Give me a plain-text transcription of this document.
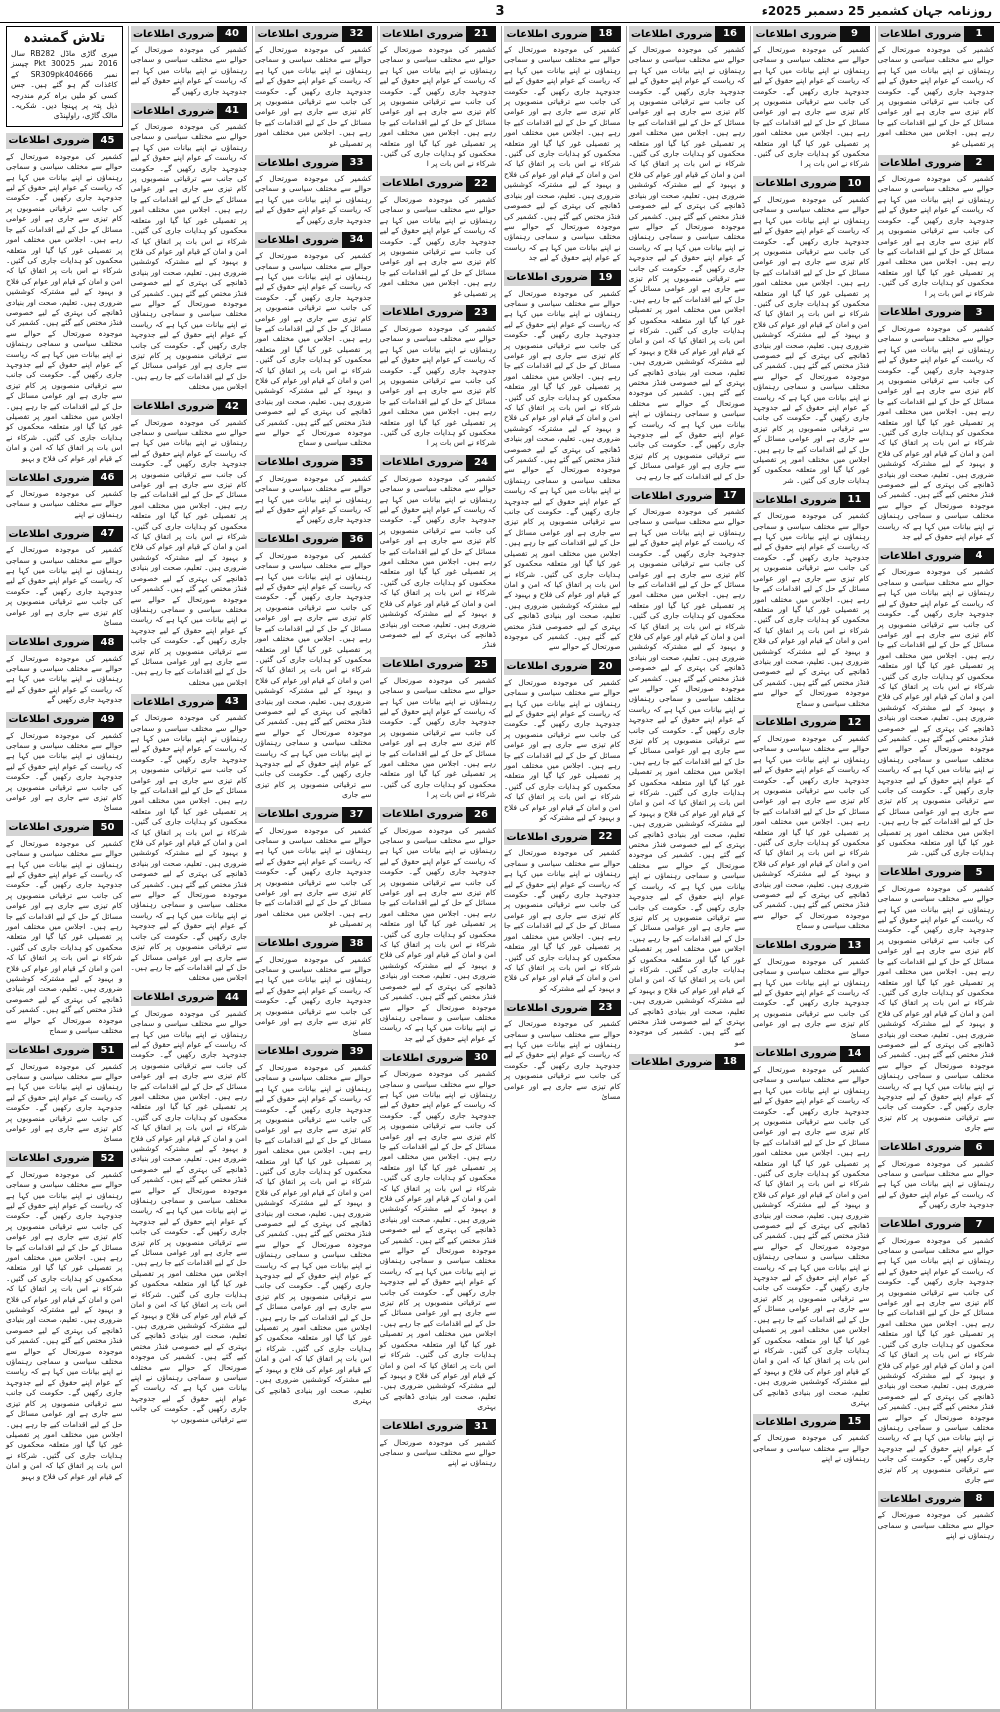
روزنامہ جہان کشمیر 25 دسمبر 2025ء
3
1
ضروری اطلاعات
کشمیر کی موجودہ صورتحال کے حوالے سے مختلف سیاسی و سماجی رہنماؤں نے اپنے بیانات میں کہا ہے کہ ریاست کے عوام اپنے حقوق کے لیے جدوجہد جاری رکھیں گے۔ حکومت کی جانب سے ترقیاتی منصوبوں پر کام تیزی سے جاری ہے اور عوامی مسائل کے حل کے لیے اقدامات کیے جا رہے ہیں۔ اجلاس میں مختلف امور پر تفصیلی غو
2
ضروری اطلاعات
کشمیر کی موجودہ صورتحال کے حوالے سے مختلف سیاسی و سماجی رہنماؤں نے اپنے بیانات میں کہا ہے کہ ریاست کے عوام اپنے حقوق کے لیے جدوجہد جاری رکھیں گے۔ حکومت کی جانب سے ترقیاتی منصوبوں پر کام تیزی سے جاری ہے اور عوامی مسائل کے حل کے لیے اقدامات کیے جا رہے ہیں۔ اجلاس میں مختلف امور پر تفصیلی غور کیا گیا اور متعلقہ محکموں کو ہدایات جاری کی گئیں۔ شرکاء نے اس بات پر ا
3
ضروری اطلاعات
کشمیر کی موجودہ صورتحال کے حوالے سے مختلف سیاسی و سماجی رہنماؤں نے اپنے بیانات میں کہا ہے کہ ریاست کے عوام اپنے حقوق کے لیے جدوجہد جاری رکھیں گے۔ حکومت کی جانب سے ترقیاتی منصوبوں پر کام تیزی سے جاری ہے اور عوامی مسائل کے حل کے لیے اقدامات کیے جا رہے ہیں۔ اجلاس میں مختلف امور پر تفصیلی غور کیا گیا اور متعلقہ محکموں کو ہدایات جاری کی گئیں۔ شرکاء نے اس بات پر اتفاق کیا کہ امن و امان کے قیام اور عوام کی فلاح و بہبود کے لیے مشترکہ کوششیں ضروری ہیں۔ تعلیم، صحت اور بنیادی ڈھانچے کی بہتری کے لیے خصوصی فنڈز مختص کیے گئے ہیں۔ کشمیر کی موجودہ صورتحال کے حوالے سے مختلف سیاسی و سماجی رہنماؤں نے اپنے بیانات میں کہا ہے کہ ریاست کے عوام اپنے حقوق کے لیے جد
4
ضروری اطلاعات
کشمیر کی موجودہ صورتحال کے حوالے سے مختلف سیاسی و سماجی رہنماؤں نے اپنے بیانات میں کہا ہے کہ ریاست کے عوام اپنے حقوق کے لیے جدوجہد جاری رکھیں گے۔ حکومت کی جانب سے ترقیاتی منصوبوں پر کام تیزی سے جاری ہے اور عوامی مسائل کے حل کے لیے اقدامات کیے جا رہے ہیں۔ اجلاس میں مختلف امور پر تفصیلی غور کیا گیا اور متعلقہ محکموں کو ہدایات جاری کی گئیں۔ شرکاء نے اس بات پر اتفاق کیا کہ امن و امان کے قیام اور عوام کی فلاح و بہبود کے لیے مشترکہ کوششیں ضروری ہیں۔ تعلیم، صحت اور بنیادی ڈھانچے کی بہتری کے لیے خصوصی فنڈز مختص کیے گئے ہیں۔ کشمیر کی موجودہ صورتحال کے حوالے سے مختلف سیاسی و سماجی رہنماؤں نے اپنے بیانات میں کہا ہے کہ ریاست کے عوام اپنے حقوق کے لیے جدوجہد جاری رکھیں گے۔ حکومت کی جانب سے ترقیاتی منصوبوں پر کام تیزی سے جاری ہے اور عوامی مسائل کے حل کے لیے اقدامات کیے جا رہے ہیں۔ اجلاس میں مختلف امور پر تفصیلی غور کیا گیا اور متعلقہ محکموں کو ہدایات جاری کی گئیں۔ شر
5
ضروری اطلاعات
کشمیر کی موجودہ صورتحال کے حوالے سے مختلف سیاسی و سماجی رہنماؤں نے اپنے بیانات میں کہا ہے کہ ریاست کے عوام اپنے حقوق کے لیے جدوجہد جاری رکھیں گے۔ حکومت کی جانب سے ترقیاتی منصوبوں پر کام تیزی سے جاری ہے اور عوامی مسائل کے حل کے لیے اقدامات کیے جا رہے ہیں۔ اجلاس میں مختلف امور پر تفصیلی غور کیا گیا اور متعلقہ محکموں کو ہدایات جاری کی گئیں۔ شرکاء نے اس بات پر اتفاق کیا کہ امن و امان کے قیام اور عوام کی فلاح و بہبود کے لیے مشترکہ کوششیں ضروری ہیں۔ تعلیم، صحت اور بنیادی ڈھانچے کی بہتری کے لیے خصوصی فنڈز مختص کیے گئے ہیں۔ کشمیر کی موجودہ صورتحال کے حوالے سے مختلف سیاسی و سماجی رہنماؤں نے اپنے بیانات میں کہا ہے کہ ریاست کے عوام اپنے حقوق کے لیے جدوجہد جاری رکھیں گے۔ حکومت کی جانب سے ترقیاتی منصوبوں پر کام تیزی سے جاری
6
ضروری اطلاعات
کشمیر کی موجودہ صورتحال کے حوالے سے مختلف سیاسی و سماجی رہنماؤں نے اپنے بیانات میں کہا ہے کہ ریاست کے عوام اپنے حقوق کے لیے جدوجہد جاری رکھیں گے
7
ضروری اطلاعات
کشمیر کی موجودہ صورتحال کے حوالے سے مختلف سیاسی و سماجی رہنماؤں نے اپنے بیانات میں کہا ہے کہ ریاست کے عوام اپنے حقوق کے لیے جدوجہد جاری رکھیں گے۔ حکومت کی جانب سے ترقیاتی منصوبوں پر کام تیزی سے جاری ہے اور عوامی مسائل کے حل کے لیے اقدامات کیے جا رہے ہیں۔ اجلاس میں مختلف امور پر تفصیلی غور کیا گیا اور متعلقہ محکموں کو ہدایات جاری کی گئیں۔ شرکاء نے اس بات پر اتفاق کیا کہ امن و امان کے قیام اور عوام کی فلاح و بہبود کے لیے مشترکہ کوششیں ضروری ہیں۔ تعلیم، صحت اور بنیادی ڈھانچے کی بہتری کے لیے خصوصی فنڈز مختص کیے گئے ہیں۔ کشمیر کی موجودہ صورتحال کے حوالے سے مختلف سیاسی و سماجی رہنماؤں نے اپنے بیانات میں کہا ہے کہ ریاست کے عوام اپنے حقوق کے لیے جدوجہد جاری رکھیں گے۔ حکومت کی جانب سے ترقیاتی منصوبوں پر کام تیزی سے جاری
8
ضروری اطلاعات
کشمیر کی موجودہ صورتحال کے حوالے سے مختلف سیاسی و سماجی رہنماؤں نے اپنے
9
ضروری اطلاعات
کشمیر کی موجودہ صورتحال کے حوالے سے مختلف سیاسی و سماجی رہنماؤں نے اپنے بیانات میں کہا ہے کہ ریاست کے عوام اپنے حقوق کے لیے جدوجہد جاری رکھیں گے۔ حکومت کی جانب سے ترقیاتی منصوبوں پر کام تیزی سے جاری ہے اور عوامی مسائل کے حل کے لیے اقدامات کیے جا رہے ہیں۔ اجلاس میں مختلف امور پر تفصیلی غور کیا گیا اور متعلقہ محکموں کو ہدایات جاری کی گئیں۔ شرکاء نے اس بات پر ا
10
ضروری اطلاعات
کشمیر کی موجودہ صورتحال کے حوالے سے مختلف سیاسی و سماجی رہنماؤں نے اپنے بیانات میں کہا ہے کہ ریاست کے عوام اپنے حقوق کے لیے جدوجہد جاری رکھیں گے۔ حکومت کی جانب سے ترقیاتی منصوبوں پر کام تیزی سے جاری ہے اور عوامی مسائل کے حل کے لیے اقدامات کیے جا رہے ہیں۔ اجلاس میں مختلف امور پر تفصیلی غور کیا گیا اور متعلقہ محکموں کو ہدایات جاری کی گئیں۔ شرکاء نے اس بات پر اتفاق کیا کہ امن و امان کے قیام اور عوام کی فلاح و بہبود کے لیے مشترکہ کوششیں ضروری ہیں۔ تعلیم، صحت اور بنیادی ڈھانچے کی بہتری کے لیے خصوصی فنڈز مختص کیے گئے ہیں۔ کشمیر کی موجودہ صورتحال کے حوالے سے مختلف سیاسی و سماجی رہنماؤں نے اپنے بیانات میں کہا ہے کہ ریاست کے عوام اپنے حقوق کے لیے جدوجہد جاری رکھیں گے۔ حکومت کی جانب سے ترقیاتی منصوبوں پر کام تیزی سے جاری ہے اور عوامی مسائل کے حل کے لیے اقدامات کیے جا رہے ہیں۔ اجلاس میں مختلف امور پر تفصیلی غور کیا گیا اور متعلقہ محکموں کو ہدایات جاری کی گئیں۔ شر
11
ضروری اطلاعات
کشمیر کی موجودہ صورتحال کے حوالے سے مختلف سیاسی و سماجی رہنماؤں نے اپنے بیانات میں کہا ہے کہ ریاست کے عوام اپنے حقوق کے لیے جدوجہد جاری رکھیں گے۔ حکومت کی جانب سے ترقیاتی منصوبوں پر کام تیزی سے جاری ہے اور عوامی مسائل کے حل کے لیے اقدامات کیے جا رہے ہیں۔ اجلاس میں مختلف امور پر تفصیلی غور کیا گیا اور متعلقہ محکموں کو ہدایات جاری کی گئیں۔ شرکاء نے اس بات پر اتفاق کیا کہ امن و امان کے قیام اور عوام کی فلاح و بہبود کے لیے مشترکہ کوششیں ضروری ہیں۔ تعلیم، صحت اور بنیادی ڈھانچے کی بہتری کے لیے خصوصی فنڈز مختص کیے گئے ہیں۔ کشمیر کی موجودہ صورتحال کے حوالے سے مختلف سیاسی و سماج
12
ضروری اطلاعات
کشمیر کی موجودہ صورتحال کے حوالے سے مختلف سیاسی و سماجی رہنماؤں نے اپنے بیانات میں کہا ہے کہ ریاست کے عوام اپنے حقوق کے لیے جدوجہد جاری رکھیں گے۔ حکومت کی جانب سے ترقیاتی منصوبوں پر کام تیزی سے جاری ہے اور عوامی مسائل کے حل کے لیے اقدامات کیے جا رہے ہیں۔ اجلاس میں مختلف امور پر تفصیلی غور کیا گیا اور متعلقہ محکموں کو ہدایات جاری کی گئیں۔ شرکاء نے اس بات پر اتفاق کیا کہ امن و امان کے قیام اور عوام کی فلاح و بہبود کے لیے مشترکہ کوششیں ضروری ہیں۔ تعلیم، صحت اور بنیادی ڈھانچے کی بہتری کے لیے خصوصی فنڈز مختص کیے گئے ہیں۔ کشمیر کی موجودہ صورتحال کے حوالے سے مختلف سیاسی و سماج
13
ضروری اطلاعات
کشمیر کی موجودہ صورتحال کے حوالے سے مختلف سیاسی و سماجی رہنماؤں نے اپنے بیانات میں کہا ہے کہ ریاست کے عوام اپنے حقوق کے لیے جدوجہد جاری رکھیں گے۔ حکومت کی جانب سے ترقیاتی منصوبوں پر کام تیزی سے جاری ہے اور عوامی مسائ
14
ضروری اطلاعات
کشمیر کی موجودہ صورتحال کے حوالے سے مختلف سیاسی و سماجی رہنماؤں نے اپنے بیانات میں کہا ہے کہ ریاست کے عوام اپنے حقوق کے لیے جدوجہد جاری رکھیں گے۔ حکومت کی جانب سے ترقیاتی منصوبوں پر کام تیزی سے جاری ہے اور عوامی مسائل کے حل کے لیے اقدامات کیے جا رہے ہیں۔ اجلاس میں مختلف امور پر تفصیلی غور کیا گیا اور متعلقہ محکموں کو ہدایات جاری کی گئیں۔ شرکاء نے اس بات پر اتفاق کیا کہ امن و امان کے قیام اور عوام کی فلاح و بہبود کے لیے مشترکہ کوششیں ضروری ہیں۔ تعلیم، صحت اور بنیادی ڈھانچے کی بہتری کے لیے خصوصی فنڈز مختص کیے گئے ہیں۔ کشمیر کی موجودہ صورتحال کے حوالے سے مختلف سیاسی و سماجی رہنماؤں نے اپنے بیانات میں کہا ہے کہ ریاست کے عوام اپنے حقوق کے لیے جدوجہد جاری رکھیں گے۔ حکومت کی جانب سے ترقیاتی منصوبوں پر کام تیزی سے جاری ہے اور عوامی مسائل کے حل کے لیے اقدامات کیے جا رہے ہیں۔ اجلاس میں مختلف امور پر تفصیلی غور کیا گیا اور متعلقہ محکموں کو ہدایات جاری کی گئیں۔ شرکاء نے اس بات پر اتفاق کیا کہ امن و امان کے قیام اور عوام کی فلاح و بہبود کے لیے مشترکہ کوششیں ضروری ہیں۔ تعلیم، صحت اور بنیادی ڈھانچے کی بہتری
15
ضروری اطلاعات
کشمیر کی موجودہ صورتحال کے حوالے سے مختلف سیاسی و سماجی رہنماؤں نے اپنے
16
ضروری اطلاعات
کشمیر کی موجودہ صورتحال کے حوالے سے مختلف سیاسی و سماجی رہنماؤں نے اپنے بیانات میں کہا ہے کہ ریاست کے عوام اپنے حقوق کے لیے جدوجہد جاری رکھیں گے۔ حکومت کی جانب سے ترقیاتی منصوبوں پر کام تیزی سے جاری ہے اور عوامی مسائل کے حل کے لیے اقدامات کیے جا رہے ہیں۔ اجلاس میں مختلف امور پر تفصیلی غور کیا گیا اور متعلقہ محکموں کو ہدایات جاری کی گئیں۔ شرکاء نے اس بات پر اتفاق کیا کہ امن و امان کے قیام اور عوام کی فلاح و بہبود کے لیے مشترکہ کوششیں ضروری ہیں۔ تعلیم، صحت اور بنیادی ڈھانچے کی بہتری کے لیے خصوصی فنڈز مختص کیے گئے ہیں۔ کشمیر کی موجودہ صورتحال کے حوالے سے مختلف سیاسی و سماجی رہنماؤں نے اپنے بیانات میں کہا ہے کہ ریاست کے عوام اپنے حقوق کے لیے جدوجہد جاری رکھیں گے۔ حکومت کی جانب سے ترقیاتی منصوبوں پر کام تیزی سے جاری ہے اور عوامی مسائل کے حل کے لیے اقدامات کیے جا رہے ہیں۔ اجلاس میں مختلف امور پر تفصیلی غور کیا گیا اور متعلقہ محکموں کو ہدایات جاری کی گئیں۔ شرکاء نے اس بات پر اتفاق کیا کہ امن و امان کے قیام اور عوام کی فلاح و بہبود کے لیے مشترکہ کوششیں ضروری ہیں۔ تعلیم، صحت اور بنیادی ڈھانچے کی بہتری کے لیے خصوصی فنڈز مختص کیے گئے ہیں۔ کشمیر کی موجودہ صورتحال کے حوالے سے مختلف سیاسی و سماجی رہنماؤں نے اپنے بیانات میں کہا ہے کہ ریاست کے عوام اپنے حقوق کے لیے جدوجہد جاری رکھیں گے۔ حکومت کی جانب سے ترقیاتی منصوبوں پر کام تیزی سے جاری ہے اور عوامی مسائل کے حل کے لیے اقدامات کیے جا رہے ہی
17
ضروری اطلاعات
کشمیر کی موجودہ صورتحال کے حوالے سے مختلف سیاسی و سماجی رہنماؤں نے اپنے بیانات میں کہا ہے کہ ریاست کے عوام اپنے حقوق کے لیے جدوجہد جاری رکھیں گے۔ حکومت کی جانب سے ترقیاتی منصوبوں پر کام تیزی سے جاری ہے اور عوامی مسائل کے حل کے لیے اقدامات کیے جا رہے ہیں۔ اجلاس میں مختلف امور پر تفصیلی غور کیا گیا اور متعلقہ محکموں کو ہدایات جاری کی گئیں۔ شرکاء نے اس بات پر اتفاق کیا کہ امن و امان کے قیام اور عوام کی فلاح و بہبود کے لیے مشترکہ کوششیں ضروری ہیں۔ تعلیم، صحت اور بنیادی ڈھانچے کی بہتری کے لیے خصوصی فنڈز مختص کیے گئے ہیں۔ کشمیر کی موجودہ صورتحال کے حوالے سے مختلف سیاسی و سماجی رہنماؤں نے اپنے بیانات میں کہا ہے کہ ریاست کے عوام اپنے حقوق کے لیے جدوجہد جاری رکھیں گے۔ حکومت کی جانب سے ترقیاتی منصوبوں پر کام تیزی سے جاری ہے اور عوامی مسائل کے حل کے لیے اقدامات کیے جا رہے ہیں۔ اجلاس میں مختلف امور پر تفصیلی غور کیا گیا اور متعلقہ محکموں کو ہدایات جاری کی گئیں۔ شرکاء نے اس بات پر اتفاق کیا کہ امن و امان کے قیام اور عوام کی فلاح و بہبود کے لیے مشترکہ کوششیں ضروری ہیں۔ تعلیم، صحت اور بنیادی ڈھانچے کی بہتری کے لیے خصوصی فنڈز مختص کیے گئے ہیں۔ کشمیر کی موجودہ صورتحال کے حوالے سے مختلف سیاسی و سماجی رہنماؤں نے اپنے بیانات میں کہا ہے کہ ریاست کے عوام اپنے حقوق کے لیے جدوجہد جاری رکھیں گے۔ حکومت کی جانب سے ترقیاتی منصوبوں پر کام تیزی سے جاری ہے اور عوامی مسائل کے حل کے لیے اقدامات کیے جا رہے ہیں۔ اجلاس میں مختلف امور پر تفصیلی غور کیا گیا اور متعلقہ محکموں کو ہدایات جاری کی گئیں۔ شرکاء نے اس بات پر اتفاق کیا کہ امن و امان کے قیام اور عوام کی فلاح و بہبود کے لیے مشترکہ کوششیں ضروری ہیں۔ تعلیم، صحت اور بنیادی ڈھانچے کی بہتری کے لیے خصوصی فنڈز مختص کیے گئے ہیں۔ کشمیر کی موجودہ صو
18
ضروری اطلاعات
18
ضروری اطلاعات
کشمیر کی موجودہ صورتحال کے حوالے سے مختلف سیاسی و سماجی رہنماؤں نے اپنے بیانات میں کہا ہے کہ ریاست کے عوام اپنے حقوق کے لیے جدوجہد جاری رکھیں گے۔ حکومت کی جانب سے ترقیاتی منصوبوں پر کام تیزی سے جاری ہے اور عوامی مسائل کے حل کے لیے اقدامات کیے جا رہے ہیں۔ اجلاس میں مختلف امور پر تفصیلی غور کیا گیا اور متعلقہ محکموں کو ہدایات جاری کی گئیں۔ شرکاء نے اس بات پر اتفاق کیا کہ امن و امان کے قیام اور عوام کی فلاح و بہبود کے لیے مشترکہ کوششیں ضروری ہیں۔ تعلیم، صحت اور بنیادی ڈھانچے کی بہتری کے لیے خصوصی فنڈز مختص کیے گئے ہیں۔ کشمیر کی موجودہ صورتحال کے حوالے سے مختلف سیاسی و سماجی رہنماؤں نے اپنے بیانات میں کہا ہے کہ ریاست کے عوام اپنے حقوق کے لیے جد
19
ضروری اطلاعات
کشمیر کی موجودہ صورتحال کے حوالے سے مختلف سیاسی و سماجی رہنماؤں نے اپنے بیانات میں کہا ہے کہ ریاست کے عوام اپنے حقوق کے لیے جدوجہد جاری رکھیں گے۔ حکومت کی جانب سے ترقیاتی منصوبوں پر کام تیزی سے جاری ہے اور عوامی مسائل کے حل کے لیے اقدامات کیے جا رہے ہیں۔ اجلاس میں مختلف امور پر تفصیلی غور کیا گیا اور متعلقہ محکموں کو ہدایات جاری کی گئیں۔ شرکاء نے اس بات پر اتفاق کیا کہ امن و امان کے قیام اور عوام کی فلاح و بہبود کے لیے مشترکہ کوششیں ضروری ہیں۔ تعلیم، صحت اور بنیادی ڈھانچے کی بہتری کے لیے خصوصی فنڈز مختص کیے گئے ہیں۔ کشمیر کی موجودہ صورتحال کے حوالے سے مختلف سیاسی و سماجی رہنماؤں نے اپنے بیانات میں کہا ہے کہ ریاست کے عوام اپنے حقوق کے لیے جدوجہد جاری رکھیں گے۔ حکومت کی جانب سے ترقیاتی منصوبوں پر کام تیزی سے جاری ہے اور عوامی مسائل کے حل کے لیے اقدامات کیے جا رہے ہیں۔ اجلاس میں مختلف امور پر تفصیلی غور کیا گیا اور متعلقہ محکموں کو ہدایات جاری کی گئیں۔ شرکاء نے اس بات پر اتفاق کیا کہ امن و امان کے قیام اور عوام کی فلاح و بہبود کے لیے مشترکہ کوششیں ضروری ہیں۔ تعلیم، صحت اور بنیادی ڈھانچے کی بہتری کے لیے خصوصی فنڈز مختص کیے گئے ہیں۔ کشمیر کی موجودہ صورتحال کے حوالے سے
20
ضروری اطلاعات
کشمیر کی موجودہ صورتحال کے حوالے سے مختلف سیاسی و سماجی رہنماؤں نے اپنے بیانات میں کہا ہے کہ ریاست کے عوام اپنے حقوق کے لیے جدوجہد جاری رکھیں گے۔ حکومت کی جانب سے ترقیاتی منصوبوں پر کام تیزی سے جاری ہے اور عوامی مسائل کے حل کے لیے اقدامات کیے جا رہے ہیں۔ اجلاس میں مختلف امور پر تفصیلی غور کیا گیا اور متعلقہ محکموں کو ہدایات جاری کی گئیں۔ شرکاء نے اس بات پر اتفاق کیا کہ امن و امان کے قیام اور عوام کی فلاح و بہبود کے لیے مشترکہ کو
22
ضروری اطلاعات
کشمیر کی موجودہ صورتحال کے حوالے سے مختلف سیاسی و سماجی رہنماؤں نے اپنے بیانات میں کہا ہے کہ ریاست کے عوام اپنے حقوق کے لیے جدوجہد جاری رکھیں گے۔ حکومت کی جانب سے ترقیاتی منصوبوں پر کام تیزی سے جاری ہے اور عوامی مسائل کے حل کے لیے اقدامات کیے جا رہے ہیں۔ اجلاس میں مختلف امور پر تفصیلی غور کیا گیا اور متعلقہ محکموں کو ہدایات جاری کی گئیں۔ شرکاء نے اس بات پر اتفاق کیا کہ امن و امان کے قیام اور عوام کی فلاح و بہبود کے لیے مشترکہ کو
23
ضروری اطلاعات
کشمیر کی موجودہ صورتحال کے حوالے سے مختلف سیاسی و سماجی رہنماؤں نے اپنے بیانات میں کہا ہے کہ ریاست کے عوام اپنے حقوق کے لیے جدوجہد جاری رکھیں گے۔ حکومت کی جانب سے ترقیاتی منصوبوں پر کام تیزی سے جاری ہے اور عوامی مسائ
21
ضروری اطلاعات
کشمیر کی موجودہ صورتحال کے حوالے سے مختلف سیاسی و سماجی رہنماؤں نے اپنے بیانات میں کہا ہے کہ ریاست کے عوام اپنے حقوق کے لیے جدوجہد جاری رکھیں گے۔ حکومت کی جانب سے ترقیاتی منصوبوں پر کام تیزی سے جاری ہے اور عوامی مسائل کے حل کے لیے اقدامات کیے جا رہے ہیں۔ اجلاس میں مختلف امور پر تفصیلی غور کیا گیا اور متعلقہ محکموں کو ہدایات جاری کی گئیں۔ شرکاء نے اس بات پر ا
22
ضروری اطلاعات
کشمیر کی موجودہ صورتحال کے حوالے سے مختلف سیاسی و سماجی رہنماؤں نے اپنے بیانات میں کہا ہے کہ ریاست کے عوام اپنے حقوق کے لیے جدوجہد جاری رکھیں گے۔ حکومت کی جانب سے ترقیاتی منصوبوں پر کام تیزی سے جاری ہے اور عوامی مسائل کے حل کے لیے اقدامات کیے جا رہے ہیں۔ اجلاس میں مختلف امور پر تفصیلی غو
23
ضروری اطلاعات
کشمیر کی موجودہ صورتحال کے حوالے سے مختلف سیاسی و سماجی رہنماؤں نے اپنے بیانات میں کہا ہے کہ ریاست کے عوام اپنے حقوق کے لیے جدوجہد جاری رکھیں گے۔ حکومت کی جانب سے ترقیاتی منصوبوں پر کام تیزی سے جاری ہے اور عوامی مسائل کے حل کے لیے اقدامات کیے جا رہے ہیں۔ اجلاس میں مختلف امور پر تفصیلی غور کیا گیا اور متعلقہ محکموں کو ہدایات جاری کی گئیں۔ شرکاء نے اس بات پر ا
24
ضروری اطلاعات
کشمیر کی موجودہ صورتحال کے حوالے سے مختلف سیاسی و سماجی رہنماؤں نے اپنے بیانات میں کہا ہے کہ ریاست کے عوام اپنے حقوق کے لیے جدوجہد جاری رکھیں گے۔ حکومت کی جانب سے ترقیاتی منصوبوں پر کام تیزی سے جاری ہے اور عوامی مسائل کے حل کے لیے اقدامات کیے جا رہے ہیں۔ اجلاس میں مختلف امور پر تفصیلی غور کیا گیا اور متعلقہ محکموں کو ہدایات جاری کی گئیں۔ شرکاء نے اس بات پر اتفاق کیا کہ امن و امان کے قیام اور عوام کی فلاح و بہبود کے لیے مشترکہ کوششیں ضروری ہیں۔ تعلیم، صحت اور بنیادی ڈھانچے کی بہتری کے لیے خصوصی فنڈز
25
ضروری اطلاعات
کشمیر کی موجودہ صورتحال کے حوالے سے مختلف سیاسی و سماجی رہنماؤں نے اپنے بیانات میں کہا ہے کہ ریاست کے عوام اپنے حقوق کے لیے جدوجہد جاری رکھیں گے۔ حکومت کی جانب سے ترقیاتی منصوبوں پر کام تیزی سے جاری ہے اور عوامی مسائل کے حل کے لیے اقدامات کیے جا رہے ہیں۔ اجلاس میں مختلف امور پر تفصیلی غور کیا گیا اور متعلقہ محکموں کو ہدایات جاری کی گئیں۔ شرکاء نے اس بات پر ا
26
ضروری اطلاعات
کشمیر کی موجودہ صورتحال کے حوالے سے مختلف سیاسی و سماجی رہنماؤں نے اپنے بیانات میں کہا ہے کہ ریاست کے عوام اپنے حقوق کے لیے جدوجہد جاری رکھیں گے۔ حکومت کی جانب سے ترقیاتی منصوبوں پر کام تیزی سے جاری ہے اور عوامی مسائل کے حل کے لیے اقدامات کیے جا رہے ہیں۔ اجلاس میں مختلف امور پر تفصیلی غور کیا گیا اور متعلقہ محکموں کو ہدایات جاری کی گئیں۔ شرکاء نے اس بات پر اتفاق کیا کہ امن و امان کے قیام اور عوام کی فلاح و بہبود کے لیے مشترکہ کوششیں ضروری ہیں۔ تعلیم، صحت اور بنیادی ڈھانچے کی بہتری کے لیے خصوصی فنڈز مختص کیے گئے ہیں۔ کشمیر کی موجودہ صورتحال کے حوالے سے مختلف سیاسی و سماجی رہنماؤں نے اپنے بیانات میں کہا ہے کہ ریاست کے عوام اپنے حقوق کے لیے جد
30
ضروری اطلاعات
کشمیر کی موجودہ صورتحال کے حوالے سے مختلف سیاسی و سماجی رہنماؤں نے اپنے بیانات میں کہا ہے کہ ریاست کے عوام اپنے حقوق کے لیے جدوجہد جاری رکھیں گے۔ حکومت کی جانب سے ترقیاتی منصوبوں پر کام تیزی سے جاری ہے اور عوامی مسائل کے حل کے لیے اقدامات کیے جا رہے ہیں۔ اجلاس میں مختلف امور پر تفصیلی غور کیا گیا اور متعلقہ محکموں کو ہدایات جاری کی گئیں۔ شرکاء نے اس بات پر اتفاق کیا کہ امن و امان کے قیام اور عوام کی فلاح و بہبود کے لیے مشترکہ کوششیں ضروری ہیں۔ تعلیم، صحت اور بنیادی ڈھانچے کی بہتری کے لیے خصوصی فنڈز مختص کیے گئے ہیں۔ کشمیر کی موجودہ صورتحال کے حوالے سے مختلف سیاسی و سماجی رہنماؤں نے اپنے بیانات میں کہا ہے کہ ریاست کے عوام اپنے حقوق کے لیے جدوجہد جاری رکھیں گے۔ حکومت کی جانب سے ترقیاتی منصوبوں پر کام تیزی سے جاری ہے اور عوامی مسائل کے حل کے لیے اقدامات کیے جا رہے ہیں۔ اجلاس میں مختلف امور پر تفصیلی غور کیا گیا اور متعلقہ محکموں کو ہدایات جاری کی گئیں۔ شرکاء نے اس بات پر اتفاق کیا کہ امن و امان کے قیام اور عوام کی فلاح و بہبود کے لیے مشترکہ کوششیں ضروری ہیں۔ تعلیم، صحت اور بنیادی ڈھانچے کی بہتری
31
ضروری اطلاعات
کشمیر کی موجودہ صورتحال کے حوالے سے مختلف سیاسی و سماجی رہنماؤں نے اپنے
32
ضروری اطلاعات
کشمیر کی موجودہ صورتحال کے حوالے سے مختلف سیاسی و سماجی رہنماؤں نے اپنے بیانات میں کہا ہے کہ ریاست کے عوام اپنے حقوق کے لیے جدوجہد جاری رکھیں گے۔ حکومت کی جانب سے ترقیاتی منصوبوں پر کام تیزی سے جاری ہے اور عوامی مسائل کے حل کے لیے اقدامات کیے جا رہے ہیں۔ اجلاس میں مختلف امور پر تفصیلی غو
33
ضروری اطلاعات
کشمیر کی موجودہ صورتحال کے حوالے سے مختلف سیاسی و سماجی رہنماؤں نے اپنے بیانات میں کہا ہے کہ ریاست کے عوام اپنے حقوق کے لیے جدوجہد جاری رکھیں گے
34
ضروری اطلاعات
کشمیر کی موجودہ صورتحال کے حوالے سے مختلف سیاسی و سماجی رہنماؤں نے اپنے بیانات میں کہا ہے کہ ریاست کے عوام اپنے حقوق کے لیے جدوجہد جاری رکھیں گے۔ حکومت کی جانب سے ترقیاتی منصوبوں پر کام تیزی سے جاری ہے اور عوامی مسائل کے حل کے لیے اقدامات کیے جا رہے ہیں۔ اجلاس میں مختلف امور پر تفصیلی غور کیا گیا اور متعلقہ محکموں کو ہدایات جاری کی گئیں۔ شرکاء نے اس بات پر اتفاق کیا کہ امن و امان کے قیام اور عوام کی فلاح و بہبود کے لیے مشترکہ کوششیں ضروری ہیں۔ تعلیم، صحت اور بنیادی ڈھانچے کی بہتری کے لیے خصوصی فنڈز مختص کیے گئے ہیں۔ کشمیر کی موجودہ صورتحال کے حوالے سے مختلف سیاسی و سماج
35
ضروری اطلاعات
کشمیر کی موجودہ صورتحال کے حوالے سے مختلف سیاسی و سماجی رہنماؤں نے اپنے بیانات میں کہا ہے کہ ریاست کے عوام اپنے حقوق کے لیے جدوجہد جاری رکھیں گے
36
ضروری اطلاعات
کشمیر کی موجودہ صورتحال کے حوالے سے مختلف سیاسی و سماجی رہنماؤں نے اپنے بیانات میں کہا ہے کہ ریاست کے عوام اپنے حقوق کے لیے جدوجہد جاری رکھیں گے۔ حکومت کی جانب سے ترقیاتی منصوبوں پر کام تیزی سے جاری ہے اور عوامی مسائل کے حل کے لیے اقدامات کیے جا رہے ہیں۔ اجلاس میں مختلف امور پر تفصیلی غور کیا گیا اور متعلقہ محکموں کو ہدایات جاری کی گئیں۔ شرکاء نے اس بات پر اتفاق کیا کہ امن و امان کے قیام اور عوام کی فلاح و بہبود کے لیے مشترکہ کوششیں ضروری ہیں۔ تعلیم، صحت اور بنیادی ڈھانچے کی بہتری کے لیے خصوصی فنڈز مختص کیے گئے ہیں۔ کشمیر کی موجودہ صورتحال کے حوالے سے مختلف سیاسی و سماجی رہنماؤں نے اپنے بیانات میں کہا ہے کہ ریاست کے عوام اپنے حقوق کے لیے جدوجہد جاری رکھیں گے۔ حکومت کی جانب سے ترقیاتی منصوبوں پر کام تیزی سے جاری
37
ضروری اطلاعات
کشمیر کی موجودہ صورتحال کے حوالے سے مختلف سیاسی و سماجی رہنماؤں نے اپنے بیانات میں کہا ہے کہ ریاست کے عوام اپنے حقوق کے لیے جدوجہد جاری رکھیں گے۔ حکومت کی جانب سے ترقیاتی منصوبوں پر کام تیزی سے جاری ہے اور عوامی مسائل کے حل کے لیے اقدامات کیے جا رہے ہیں۔ اجلاس میں مختلف امور پر تفصیلی غو
38
ضروری اطلاعات
کشمیر کی موجودہ صورتحال کے حوالے سے مختلف سیاسی و سماجی رہنماؤں نے اپنے بیانات میں کہا ہے کہ ریاست کے عوام اپنے حقوق کے لیے جدوجہد جاری رکھیں گے۔ حکومت کی جانب سے ترقیاتی منصوبوں پر کام تیزی سے جاری ہے اور عوامی مسائ
39
ضروری اطلاعات
کشمیر کی موجودہ صورتحال کے حوالے سے مختلف سیاسی و سماجی رہنماؤں نے اپنے بیانات میں کہا ہے کہ ریاست کے عوام اپنے حقوق کے لیے جدوجہد جاری رکھیں گے۔ حکومت کی جانب سے ترقیاتی منصوبوں پر کام تیزی سے جاری ہے اور عوامی مسائل کے حل کے لیے اقدامات کیے جا رہے ہیں۔ اجلاس میں مختلف امور پر تفصیلی غور کیا گیا اور متعلقہ محکموں کو ہدایات جاری کی گئیں۔ شرکاء نے اس بات پر اتفاق کیا کہ امن و امان کے قیام اور عوام کی فلاح و بہبود کے لیے مشترکہ کوششیں ضروری ہیں۔ تعلیم، صحت اور بنیادی ڈھانچے کی بہتری کے لیے خصوصی فنڈز مختص کیے گئے ہیں۔ کشمیر کی موجودہ صورتحال کے حوالے سے مختلف سیاسی و سماجی رہنماؤں نے اپنے بیانات میں کہا ہے کہ ریاست کے عوام اپنے حقوق کے لیے جدوجہد جاری رکھیں گے۔ حکومت کی جانب سے ترقیاتی منصوبوں پر کام تیزی سے جاری ہے اور عوامی مسائل کے حل کے لیے اقدامات کیے جا رہے ہیں۔ اجلاس میں مختلف امور پر تفصیلی غور کیا گیا اور متعلقہ محکموں کو ہدایات جاری کی گئیں۔ شرکاء نے اس بات پر اتفاق کیا کہ امن و امان کے قیام اور عوام کی فلاح و بہبود کے لیے مشترکہ کوششیں ضروری ہیں۔ تعلیم، صحت اور بنیادی ڈھانچے کی بہتری
40
ضروری اطلاعات
کشمیر کی موجودہ صورتحال کے حوالے سے مختلف سیاسی و سماجی رہنماؤں نے اپنے بیانات میں کہا ہے کہ ریاست کے عوام اپنے حقوق کے لیے جدوجہد جاری رکھیں گے
41
ضروری اطلاعات
کشمیر کی موجودہ صورتحال کے حوالے سے مختلف سیاسی و سماجی رہنماؤں نے اپنے بیانات میں کہا ہے کہ ریاست کے عوام اپنے حقوق کے لیے جدوجہد جاری رکھیں گے۔ حکومت کی جانب سے ترقیاتی منصوبوں پر کام تیزی سے جاری ہے اور عوامی مسائل کے حل کے لیے اقدامات کیے جا رہے ہیں۔ اجلاس میں مختلف امور پر تفصیلی غور کیا گیا اور متعلقہ محکموں کو ہدایات جاری کی گئیں۔ شرکاء نے اس بات پر اتفاق کیا کہ امن و امان کے قیام اور عوام کی فلاح و بہبود کے لیے مشترکہ کوششیں ضروری ہیں۔ تعلیم، صحت اور بنیادی ڈھانچے کی بہتری کے لیے خصوصی فنڈز مختص کیے گئے ہیں۔ کشمیر کی موجودہ صورتحال کے حوالے سے مختلف سیاسی و سماجی رہنماؤں نے اپنے بیانات میں کہا ہے کہ ریاست کے عوام اپنے حقوق کے لیے جدوجہد جاری رکھیں گے۔ حکومت کی جانب سے ترقیاتی منصوبوں پر کام تیزی سے جاری ہے اور عوامی مسائل کے حل کے لیے اقدامات کیے جا رہے ہیں۔ اجلاس میں مختلف
42
ضروری اطلاعات
کشمیر کی موجودہ صورتحال کے حوالے سے مختلف سیاسی و سماجی رہنماؤں نے اپنے بیانات میں کہا ہے کہ ریاست کے عوام اپنے حقوق کے لیے جدوجہد جاری رکھیں گے۔ حکومت کی جانب سے ترقیاتی منصوبوں پر کام تیزی سے جاری ہے اور عوامی مسائل کے حل کے لیے اقدامات کیے جا رہے ہیں۔ اجلاس میں مختلف امور پر تفصیلی غور کیا گیا اور متعلقہ محکموں کو ہدایات جاری کی گئیں۔ شرکاء نے اس بات پر اتفاق کیا کہ امن و امان کے قیام اور عوام کی فلاح و بہبود کے لیے مشترکہ کوششیں ضروری ہیں۔ تعلیم، صحت اور بنیادی ڈھانچے کی بہتری کے لیے خصوصی فنڈز مختص کیے گئے ہیں۔ کشمیر کی موجودہ صورتحال کے حوالے سے مختلف سیاسی و سماجی رہنماؤں نے اپنے بیانات میں کہا ہے کہ ریاست کے عوام اپنے حقوق کے لیے جدوجہد جاری رکھیں گے۔ حکومت کی جانب سے ترقیاتی منصوبوں پر کام تیزی سے جاری ہے اور عوامی مسائل کے حل کے لیے اقدامات کیے جا رہے ہیں۔ اجلاس میں مختلف
43
ضروری اطلاعات
کشمیر کی موجودہ صورتحال کے حوالے سے مختلف سیاسی و سماجی رہنماؤں نے اپنے بیانات میں کہا ہے کہ ریاست کے عوام اپنے حقوق کے لیے جدوجہد جاری رکھیں گے۔ حکومت کی جانب سے ترقیاتی منصوبوں پر کام تیزی سے جاری ہے اور عوامی مسائل کے حل کے لیے اقدامات کیے جا رہے ہیں۔ اجلاس میں مختلف امور پر تفصیلی غور کیا گیا اور متعلقہ محکموں کو ہدایات جاری کی گئیں۔ شرکاء نے اس بات پر اتفاق کیا کہ امن و امان کے قیام اور عوام کی فلاح و بہبود کے لیے مشترکہ کوششیں ضروری ہیں۔ تعلیم، صحت اور بنیادی ڈھانچے کی بہتری کے لیے خصوصی فنڈز مختص کیے گئے ہیں۔ کشمیر کی موجودہ صورتحال کے حوالے سے مختلف سیاسی و سماجی رہنماؤں نے اپنے بیانات میں کہا ہے کہ ریاست کے عوام اپنے حقوق کے لیے جدوجہد جاری رکھیں گے۔ حکومت کی جانب سے ترقیاتی منصوبوں پر کام تیزی سے جاری ہے اور عوامی مسائل کے حل کے لیے اقدامات کیے جا رہے ہیں۔ اجلاس میں مختلف
44
ضروری اطلاعات
کشمیر کی موجودہ صورتحال کے حوالے سے مختلف سیاسی و سماجی رہنماؤں نے اپنے بیانات میں کہا ہے کہ ریاست کے عوام اپنے حقوق کے لیے جدوجہد جاری رکھیں گے۔ حکومت کی جانب سے ترقیاتی منصوبوں پر کام تیزی سے جاری ہے اور عوامی مسائل کے حل کے لیے اقدامات کیے جا رہے ہیں۔ اجلاس میں مختلف امور پر تفصیلی غور کیا گیا اور متعلقہ محکموں کو ہدایات جاری کی گئیں۔ شرکاء نے اس بات پر اتفاق کیا کہ امن و امان کے قیام اور عوام کی فلاح و بہبود کے لیے مشترکہ کوششیں ضروری ہیں۔ تعلیم، صحت اور بنیادی ڈھانچے کی بہتری کے لیے خصوصی فنڈز مختص کیے گئے ہیں۔ کشمیر کی موجودہ صورتحال کے حوالے سے مختلف سیاسی و سماجی رہنماؤں نے اپنے بیانات میں کہا ہے کہ ریاست کے عوام اپنے حقوق کے لیے جدوجہد جاری رکھیں گے۔ حکومت کی جانب سے ترقیاتی منصوبوں پر کام تیزی سے جاری ہے اور عوامی مسائل کے حل کے لیے اقدامات کیے جا رہے ہیں۔ اجلاس میں مختلف امور پر تفصیلی غور کیا گیا اور متعلقہ محکموں کو ہدایات جاری کی گئیں۔ شرکاء نے اس بات پر اتفاق کیا کہ امن و امان کے قیام اور عوام کی فلاح و بہبود کے لیے مشترکہ کوششیں ضروری ہیں۔ تعلیم، صحت اور بنیادی ڈھانچے کی بہتری کے لیے خصوصی فنڈز مختص کیے گئے ہیں۔ کشمیر کی موجودہ صورتحال کے حوالے سے مختلف سیاسی و سماجی رہنماؤں نے اپنے بیانات میں کہا ہے کہ ریاست کے عوام اپنے حقوق کے لیے جدوجہد جاری رکھیں گے۔ حکومت کی جانب سے ترقیاتی منصوبوں پ
تلاش گمشدہ
میری گاڑی ماڈل RB282 سال 2016 نمبر Pkt 30025 چیسز نمبر SR309pk404666 کے کاغذات گم ہو گئے ہیں۔ جس کسی کو ملیں براہ کرم مندرجہ ذیل پتہ پر پہنچا دیں۔ شکریہ۔ مالک گاڑی، راولپنڈی
45
ضروری اطلاعات
کشمیر کی موجودہ صورتحال کے حوالے سے مختلف سیاسی و سماجی رہنماؤں نے اپنے بیانات میں کہا ہے کہ ریاست کے عوام اپنے حقوق کے لیے جدوجہد جاری رکھیں گے۔ حکومت کی جانب سے ترقیاتی منصوبوں پر کام تیزی سے جاری ہے اور عوامی مسائل کے حل کے لیے اقدامات کیے جا رہے ہیں۔ اجلاس میں مختلف امور پر تفصیلی غور کیا گیا اور متعلقہ محکموں کو ہدایات جاری کی گئیں۔ شرکاء نے اس بات پر اتفاق کیا کہ امن و امان کے قیام اور عوام کی فلاح و بہبود کے لیے مشترکہ کوششیں ضروری ہیں۔ تعلیم، صحت اور بنیادی ڈھانچے کی بہتری کے لیے خصوصی فنڈز مختص کیے گئے ہیں۔ کشمیر کی موجودہ صورتحال کے حوالے سے مختلف سیاسی و سماجی رہنماؤں نے اپنے بیانات میں کہا ہے کہ ریاست کے عوام اپنے حقوق کے لیے جدوجہد جاری رکھیں گے۔ حکومت کی جانب سے ترقیاتی منصوبوں پر کام تیزی سے جاری ہے اور عوامی مسائل کے حل کے لیے اقدامات کیے جا رہے ہیں۔ اجلاس میں مختلف امور پر تفصیلی غور کیا گیا اور متعلقہ محکموں کو ہدایات جاری کی گئیں۔ شرکاء نے اس بات پر اتفاق کیا کہ امن و امان کے قیام اور عوام کی فلاح و بہبو
46
ضروری اطلاعات
کشمیر کی موجودہ صورتحال کے حوالے سے مختلف سیاسی و سماجی رہنماؤں نے اپنے
47
ضروری اطلاعات
کشمیر کی موجودہ صورتحال کے حوالے سے مختلف سیاسی و سماجی رہنماؤں نے اپنے بیانات میں کہا ہے کہ ریاست کے عوام اپنے حقوق کے لیے جدوجہد جاری رکھیں گے۔ حکومت کی جانب سے ترقیاتی منصوبوں پر کام تیزی سے جاری ہے اور عوامی مسائ
48
ضروری اطلاعات
کشمیر کی موجودہ صورتحال کے حوالے سے مختلف سیاسی و سماجی رہنماؤں نے اپنے بیانات میں کہا ہے کہ ریاست کے عوام اپنے حقوق کے لیے جدوجہد جاری رکھیں گے
49
ضروری اطلاعات
کشمیر کی موجودہ صورتحال کے حوالے سے مختلف سیاسی و سماجی رہنماؤں نے اپنے بیانات میں کہا ہے کہ ریاست کے عوام اپنے حقوق کے لیے جدوجہد جاری رکھیں گے۔ حکومت کی جانب سے ترقیاتی منصوبوں پر کام تیزی سے جاری ہے اور عوامی مسائ
50
ضروری اطلاعات
کشمیر کی موجودہ صورتحال کے حوالے سے مختلف سیاسی و سماجی رہنماؤں نے اپنے بیانات میں کہا ہے کہ ریاست کے عوام اپنے حقوق کے لیے جدوجہد جاری رکھیں گے۔ حکومت کی جانب سے ترقیاتی منصوبوں پر کام تیزی سے جاری ہے اور عوامی مسائل کے حل کے لیے اقدامات کیے جا رہے ہیں۔ اجلاس میں مختلف امور پر تفصیلی غور کیا گیا اور متعلقہ محکموں کو ہدایات جاری کی گئیں۔ شرکاء نے اس بات پر اتفاق کیا کہ امن و امان کے قیام اور عوام کی فلاح و بہبود کے لیے مشترکہ کوششیں ضروری ہیں۔ تعلیم، صحت اور بنیادی ڈھانچے کی بہتری کے لیے خصوصی فنڈز مختص کیے گئے ہیں۔ کشمیر کی موجودہ صورتحال کے حوالے سے مختلف سیاسی و سماج
51
ضروری اطلاعات
کشمیر کی موجودہ صورتحال کے حوالے سے مختلف سیاسی و سماجی رہنماؤں نے اپنے بیانات میں کہا ہے کہ ریاست کے عوام اپنے حقوق کے لیے جدوجہد جاری رکھیں گے۔ حکومت کی جانب سے ترقیاتی منصوبوں پر کام تیزی سے جاری ہے اور عوامی مسائ
52
ضروری اطلاعات
کشمیر کی موجودہ صورتحال کے حوالے سے مختلف سیاسی و سماجی رہنماؤں نے اپنے بیانات میں کہا ہے کہ ریاست کے عوام اپنے حقوق کے لیے جدوجہد جاری رکھیں گے۔ حکومت کی جانب سے ترقیاتی منصوبوں پر کام تیزی سے جاری ہے اور عوامی مسائل کے حل کے لیے اقدامات کیے جا رہے ہیں۔ اجلاس میں مختلف امور پر تفصیلی غور کیا گیا اور متعلقہ محکموں کو ہدایات جاری کی گئیں۔ شرکاء نے اس بات پر اتفاق کیا کہ امن و امان کے قیام اور عوام کی فلاح و بہبود کے لیے مشترکہ کوششیں ضروری ہیں۔ تعلیم، صحت اور بنیادی ڈھانچے کی بہتری کے لیے خصوصی فنڈز مختص کیے گئے ہیں۔ کشمیر کی موجودہ صورتحال کے حوالے سے مختلف سیاسی و سماجی رہنماؤں نے اپنے بیانات میں کہا ہے کہ ریاست کے عوام اپنے حقوق کے لیے جدوجہد جاری رکھیں گے۔ حکومت کی جانب سے ترقیاتی منصوبوں پر کام تیزی سے جاری ہے اور عوامی مسائل کے حل کے لیے اقدامات کیے جا رہے ہیں۔ اجلاس میں مختلف امور پر تفصیلی غور کیا گیا اور متعلقہ محکموں کو ہدایات جاری کی گئیں۔ شرکاء نے اس بات پر اتفاق کیا کہ امن و امان کے قیام اور عوام کی فلاح و بہبو
